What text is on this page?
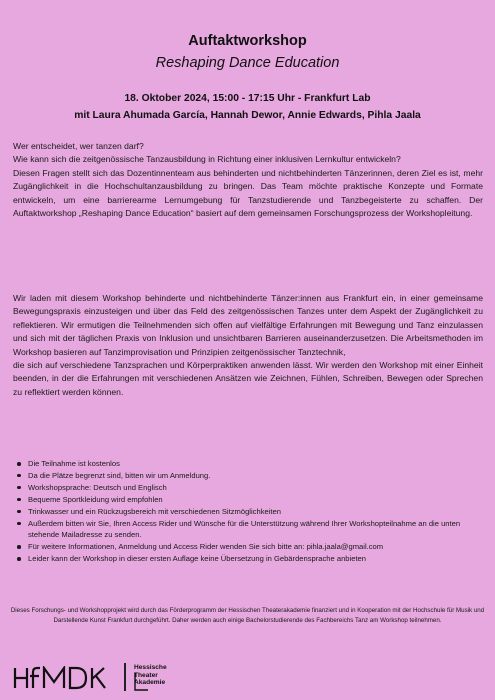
Auftaktworkshop
Reshaping Dance Education
18. Oktober 2024, 15:00 - 17:15 Uhr - Frankfurt Lab
mit Laura Ahumada García, Hannah Dewor, Annie Edwards, Pihla Jaala
Wer entscheidet, wer tanzen darf?
Wie kann sich die zeitgenössische Tanzausbildung in Richtung einer inklusiven Lernkultur entwickeln?
Diesen Fragen stellt sich das Dozentinnenteam aus behinderten und nichtbehinderten Tänzerinnen, deren Ziel es ist, mehr Zugänglichkeit in die Hochschultanzausbildung zu bringen. Das Team möchte praktische Konzepte und Formate entwickeln, um eine barrierearme Lernumgebung für Tanzstudierende und Tanzbegeisterte zu schaffen. Der Auftaktworkshop „Reshaping Dance Education“ basiert auf dem gemeinsamen Forschungsprozess der Workshopleitung.
Wir laden mit diesem Workshop behinderte und nichtbehinderte Tänzer:innen aus Frankfurt ein, in einer gemeinsame Bewegungspraxis einzusteigen und über das Feld des zeitgenössischen Tanzes unter dem Aspekt der Zugänglichkeit zu reflektieren. Wir ermutigen die Teilnehmenden sich offen auf vielfältige Erfahrungen mit Bewegung und Tanz einzulassen und sich mit der täglichen Praxis von Inklusion und unsichtbaren Barrieren auseinanderzusetzen. Die Arbeitsmethoden im Workshop basieren auf Tanzimprovisation und Prinzipien zeitgenössischer Tanztechnik,
die sich auf verschiedene Tanzsprachen und Körperpraktiken anwenden lässt. Wir werden den Workshop mit einer Einheit beenden, in der die Erfahrungen mit verschiedenen Ansätzen wie Zeichnen, Fühlen, Schreiben, Bewegen oder Sprechen zu reflektiert werden können.
Die Teilnahme ist kostenlos
Da die Plätze begrenzt sind, bitten wir um Anmeldung.
Workshopsprache: Deutsch und Englisch
Bequeme Sportkleidung wird empfohlen
Trinkwasser und ein Rückzugsbereich mit verschiedenen Sitzmöglichkeiten
Außerdem bitten wir Sie, Ihren Access Rider und Wünsche für die Unterstützung während Ihrer Workshopteilnahme an die unten stehende Mailadresse zu senden.
Für weitere Informationen, Anmeldung und Access Rider wenden Sie sich bitte an: pihla.jaala@gmail.com
Leider kann der Workshop in dieser ersten Auflage keine Übersetzung in Gebärdensprache anbieten
Dieses Forschungs- und Workshopprojekt wird durch das Förderprogramm der Hessischen Theaterakademie finanziert und in Kooperation mit der Hochschule für Musik und Darstellende Kunst Frankfurt durchgeführt. Daher werden auch einige Bachelorstudierende des Fachbereichs Tanz am Workshop teilnehmen.
Hessische
Theater
Akademie
